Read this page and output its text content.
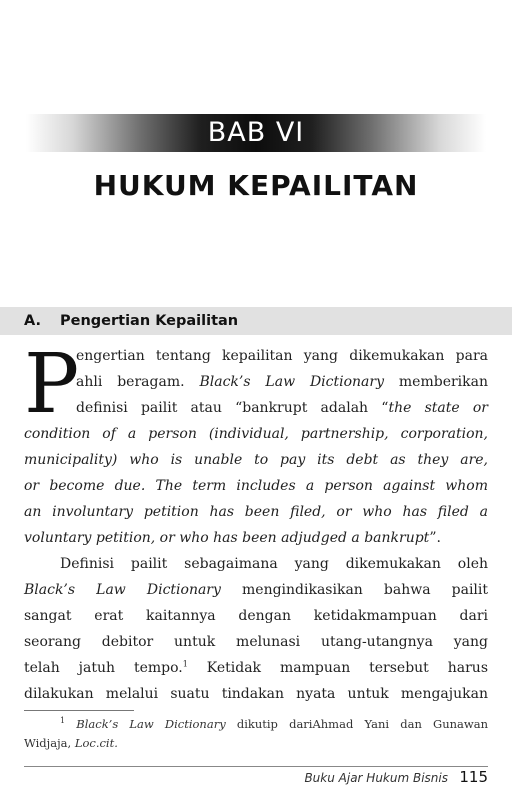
BAB VI
HUKUM KEPAILITAN
A. Pengertian Kepailitan
P
engertian tentang kepailitan yang dikemukakan para
ahli beragam. Black’s Law Dictionary memberikan
definisi pailit atau “bankrupt adalah “the state or
condition of a person (individual, partnership, corporation,
municipality) who is unable to pay its debt as they are,
or become due. The term includes a person against whom
an involuntary petition has been filed, or who has filed a
voluntary petition, or who has been adjudged a bankrupt”.
Definisi pailit sebagaimana yang dikemukakan oleh
Black’s Law Dictionary mengindikasikan bahwa pailit
sangat erat kaitannya dengan ketidakmampuan dari
seorang debitor untuk melunasi utang-utangnya yang
telah jatuh tempo.$^1$ Ketidak mampuan tersebut harus
dilakukan melalui suatu tindakan nyata untuk mengajukan
$^1$ Black’s Law Dictionary dikutip dariAhmad Yani dan Gunawan
Widjaja, Loc.cit.
Buku Ajar Hukum Bisnis 115
